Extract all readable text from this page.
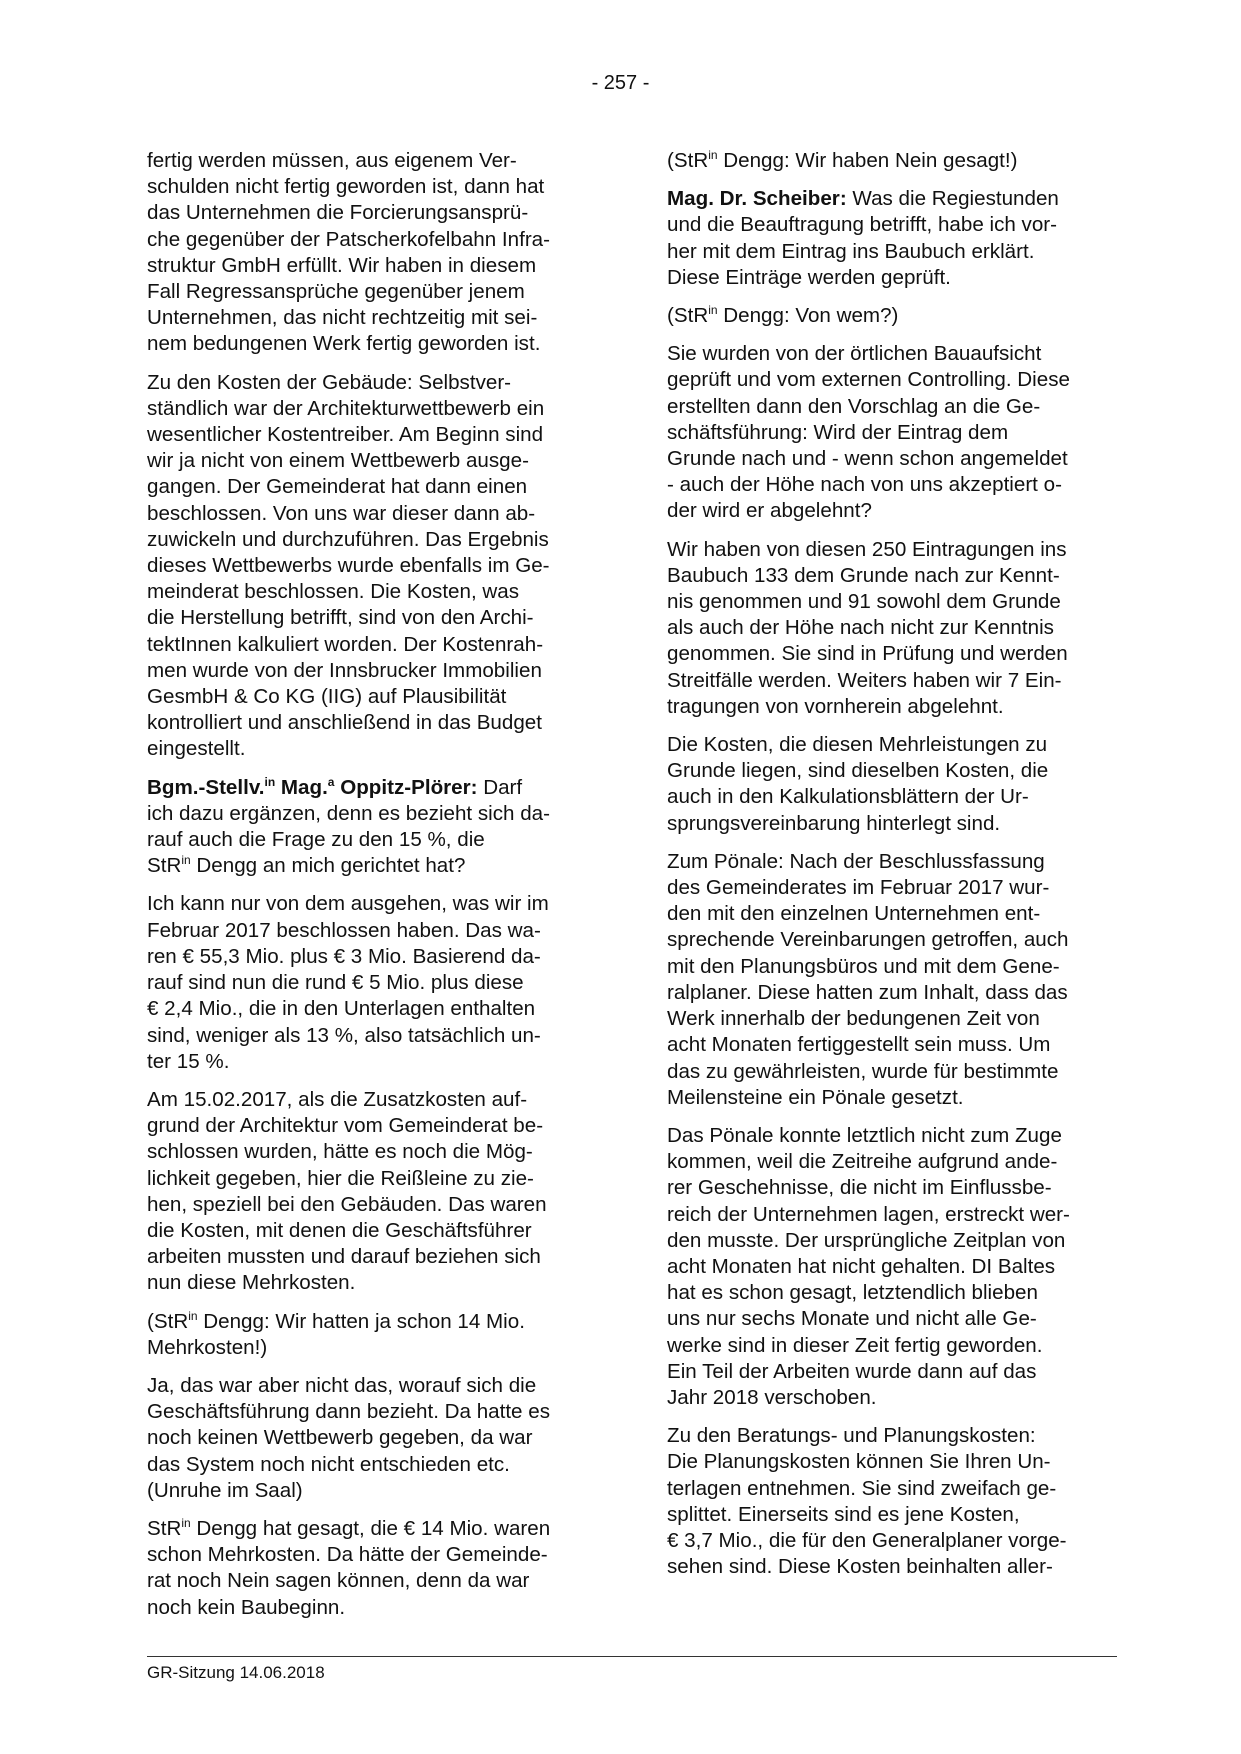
- 257 -
fertig werden müssen, aus eigenem Ver-
schulden nicht fertig geworden ist, dann hat
das Unternehmen die Forcierungsansprü-
che gegenüber der Patscherkofelbahn Infra-
struktur GmbH erfüllt. Wir haben in diesem
Fall Regressansprüche gegenüber jenem
Unternehmen, das nicht rechtzeitig mit sei-
nem bedungenen Werk fertig geworden ist.
Zu den Kosten der Gebäude: Selbstver-
ständlich war der Architekturwettbewerb ein
wesentlicher Kostentreiber. Am Beginn sind
wir ja nicht von einem Wettbewerb ausge-
gangen. Der Gemeinderat hat dann einen
beschlossen. Von uns war dieser dann ab-
zuwickeln und durchzuführen. Das Ergebnis
dieses Wettbewerbs wurde ebenfalls im Ge-
meinderat beschlossen. Die Kosten, was
die Herstellung betrifft, sind von den Archi-
tektInnen kalkuliert worden. Der Kostenrah-
men wurde von der Innsbrucker Immobilien
GesmbH & Co KG (IIG) auf Plausibilität
kontrolliert und anschließend in das Budget
eingestellt.
Bgm.-Stellv.$^{in}$ Mag.$^a$ Oppitz-Plörer: Darf
ich dazu ergänzen, denn es bezieht sich da-
rauf auch die Frage zu den 15 %, die
StR$^{in}$ Dengg an mich gerichtet hat?
Ich kann nur von dem ausgehen, was wir im
Februar 2017 beschlossen haben. Das wa-
ren € 55,3 Mio. plus € 3 Mio. Basierend da-
rauf sind nun die rund € 5 Mio. plus diese
€ 2,4 Mio., die in den Unterlagen enthalten
sind, weniger als 13 %, also tatsächlich un-
ter 15 %.
Am 15.02.2017, als die Zusatzkosten auf-
grund der Architektur vom Gemeinderat be-
schlossen wurden, hätte es noch die Mög-
lichkeit gegeben, hier die Reißleine zu zie-
hen, speziell bei den Gebäuden. Das waren
die Kosten, mit denen die Geschäftsführer
arbeiten mussten und darauf beziehen sich
nun diese Mehrkosten.
(StR$^{in}$ Dengg: Wir hatten ja schon 14 Mio.
Mehrkosten!)
Ja, das war aber nicht das, worauf sich die
Geschäftsführung dann bezieht. Da hatte es
noch keinen Wettbewerb gegeben, da war
das System noch nicht entschieden etc.
(Unruhe im Saal)
StR$^{in}$ Dengg hat gesagt, die € 14 Mio. waren
schon Mehrkosten. Da hätte der Gemeinde-
rat noch Nein sagen können, denn da war
noch kein Baubeginn.
(StR$^{in}$ Dengg: Wir haben Nein gesagt!)
Mag. Dr. Scheiber: Was die Regiestunden
und die Beauftragung betrifft, habe ich vor-
her mit dem Eintrag ins Baubuch erklärt.
Diese Einträge werden geprüft.
(StR$^{in}$ Dengg: Von wem?)
Sie wurden von der örtlichen Bauaufsicht
geprüft und vom externen Controlling. Diese
erstellten dann den Vorschlag an die Ge-
schäftsführung: Wird der Eintrag dem
Grunde nach und - wenn schon angemeldet
- auch der Höhe nach von uns akzeptiert o-
der wird er abgelehnt?
Wir haben von diesen 250 Eintragungen ins
Baubuch 133 dem Grunde nach zur Kennt-
nis genommen und 91 sowohl dem Grunde
als auch der Höhe nach nicht zur Kenntnis
genommen. Sie sind in Prüfung und werden
Streitfälle werden. Weiters haben wir 7 Ein-
tragungen von vornherein abgelehnt.
Die Kosten, die diesen Mehrleistungen zu
Grunde liegen, sind dieselben Kosten, die
auch in den Kalkulationsblättern der Ur-
sprungsvereinbarung hinterlegt sind.
Zum Pönale: Nach der Beschlussfassung
des Gemeinderates im Februar 2017 wur-
den mit den einzelnen Unternehmen ent-
sprechende Vereinbarungen getroffen, auch
mit den Planungsbüros und mit dem Gene-
ralplaner. Diese hatten zum Inhalt, dass das
Werk innerhalb der bedungenen Zeit von
acht Monaten fertiggestellt sein muss. Um
das zu gewährleisten, wurde für bestimmte
Meilensteine ein Pönale gesetzt.
Das Pönale konnte letztlich nicht zum Zuge
kommen, weil die Zeitreihe aufgrund ande-
rer Geschehnisse, die nicht im Einflussbe-
reich der Unternehmen lagen, erstreckt wer-
den musste. Der ursprüngliche Zeitplan von
acht Monaten hat nicht gehalten. DI Baltes
hat es schon gesagt, letztendlich blieben
uns nur sechs Monate und nicht alle Ge-
werke sind in dieser Zeit fertig geworden.
Ein Teil der Arbeiten wurde dann auf das
Jahr 2018 verschoben.
Zu den Beratungs- und Planungskosten:
Die Planungskosten können Sie Ihren Un-
terlagen entnehmen. Sie sind zweifach ge-
splittet. Einerseits sind es jene Kosten,
€ 3,7 Mio., die für den Generalplaner vorge-
sehen sind. Diese Kosten beinhalten aller-
GR-Sitzung 14.06.2018
